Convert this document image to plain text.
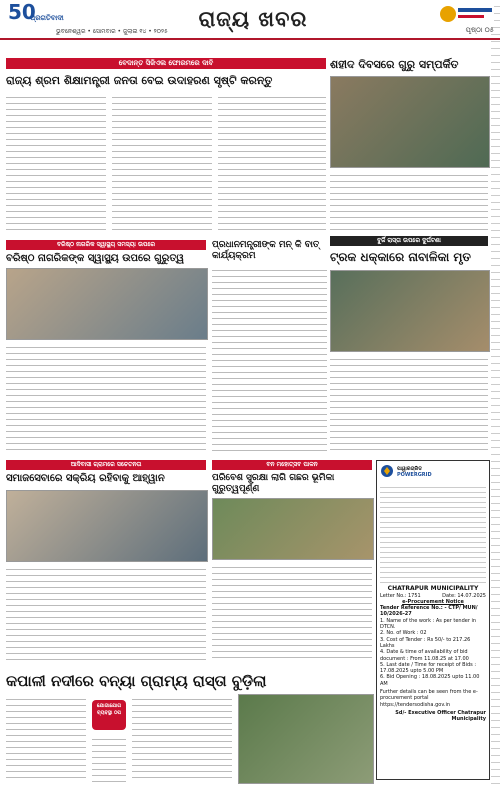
50
ପ୍ରଗତିବାଦୀ
ଭୁବନେଶ୍ୱର • ସୋମବାର • ଜୁଲାଇ ୧୪ • ୨୦୨୫
ରାଜ୍ୟ ଖବର	ପୃଷ୍ଠା ୦୫
ବେଦାନ୍ତ ସିଜିଏଲ ଫୋରମରେ ଦାବି
ରାଜ୍ୟ ଶ୍ରମ ଶିକ୍ଷାମନ୍ତ୍ରୀ ଜନତା ବେଇ ଉଦାହରଣ ସୃଷ୍ଟି କରନ୍ତୁ
ଶହୀଦ ଦିବସରେ ଗୁରୁ ସମ୍ପର୍କିତ
ବରିଷ୍ଠ ନାଗରିକ ସ୍ୱାସ୍ଥ୍ୟ ସମସ୍ୟା ଉପରେ
ବରିଷ୍ଠ ନାଗରିକଙ୍କ ସ୍ୱାସ୍ଥ୍ୟ ଉପରେ ଗୁରୁତ୍ୱ
ପ୍ରଧାନମନ୍ତ୍ରୀଙ୍କ ମନ୍ କି ବାତ୍ କାର୍ଯ୍ୟକ୍ରମ
ବୁର୍ଜି ରାସ୍ତା ଉପରେ ଦୁର୍ଘଟଣା
ଟ୍ରକ ଧକ୍କାରେ ନାବାଳିକା ମୃତ
ଆଦିବାସୀ ଗ୍ରାମରେ ସଚେତନତା
ସମାଜସେବାରେ ସକ୍ରିୟ ରହିବାକୁ ଆହ୍ୱାନ
ବନ ମହୋତ୍ସବ ପାଳନ
ପରିବେଶ ସୁରକ୍ଷା ଲାଗି ଗଛର ଭୂମିକା ଗୁରୁତ୍ୱପୂର୍ଣ୍ଣ
ପାୱାରଗ୍ରିଡ
POWERGRID
CHATRAPUR MUNICIPALITY
Letter No.: 1751	Date: 14.07.2025
e-Procurement Notice
Tender Reference No.: - CTP/ MUN/ 10/2026-27
1. Name of the work : As per tender in DTCN.
2. No. of Work : 02
3. Cost of Tender : Rs 50/- to 217.26 Lakhs
4. Date & time of availability of bid document : From 11.08.25 at 17.00
5. Last date / Time for receipt of Bids : 17.08.2025 upto 5.00 PM
6. Bid Opening : 18.08.2025 upto 11.00 AM
Further details can be seen from the e-procurement portal https://tendersodisha.gov.in
Sd/- Executive Officer Chatrapur Municipality
କପାଳୀ ନଦୀରେ ବନ୍ୟା ଗ୍ରାମ୍ୟ ରାସ୍ତା ବୁଡ଼ିଲା
ଯୋଗାଯୋଗ ବ୍ୟବସ୍ଥା ଠପ
